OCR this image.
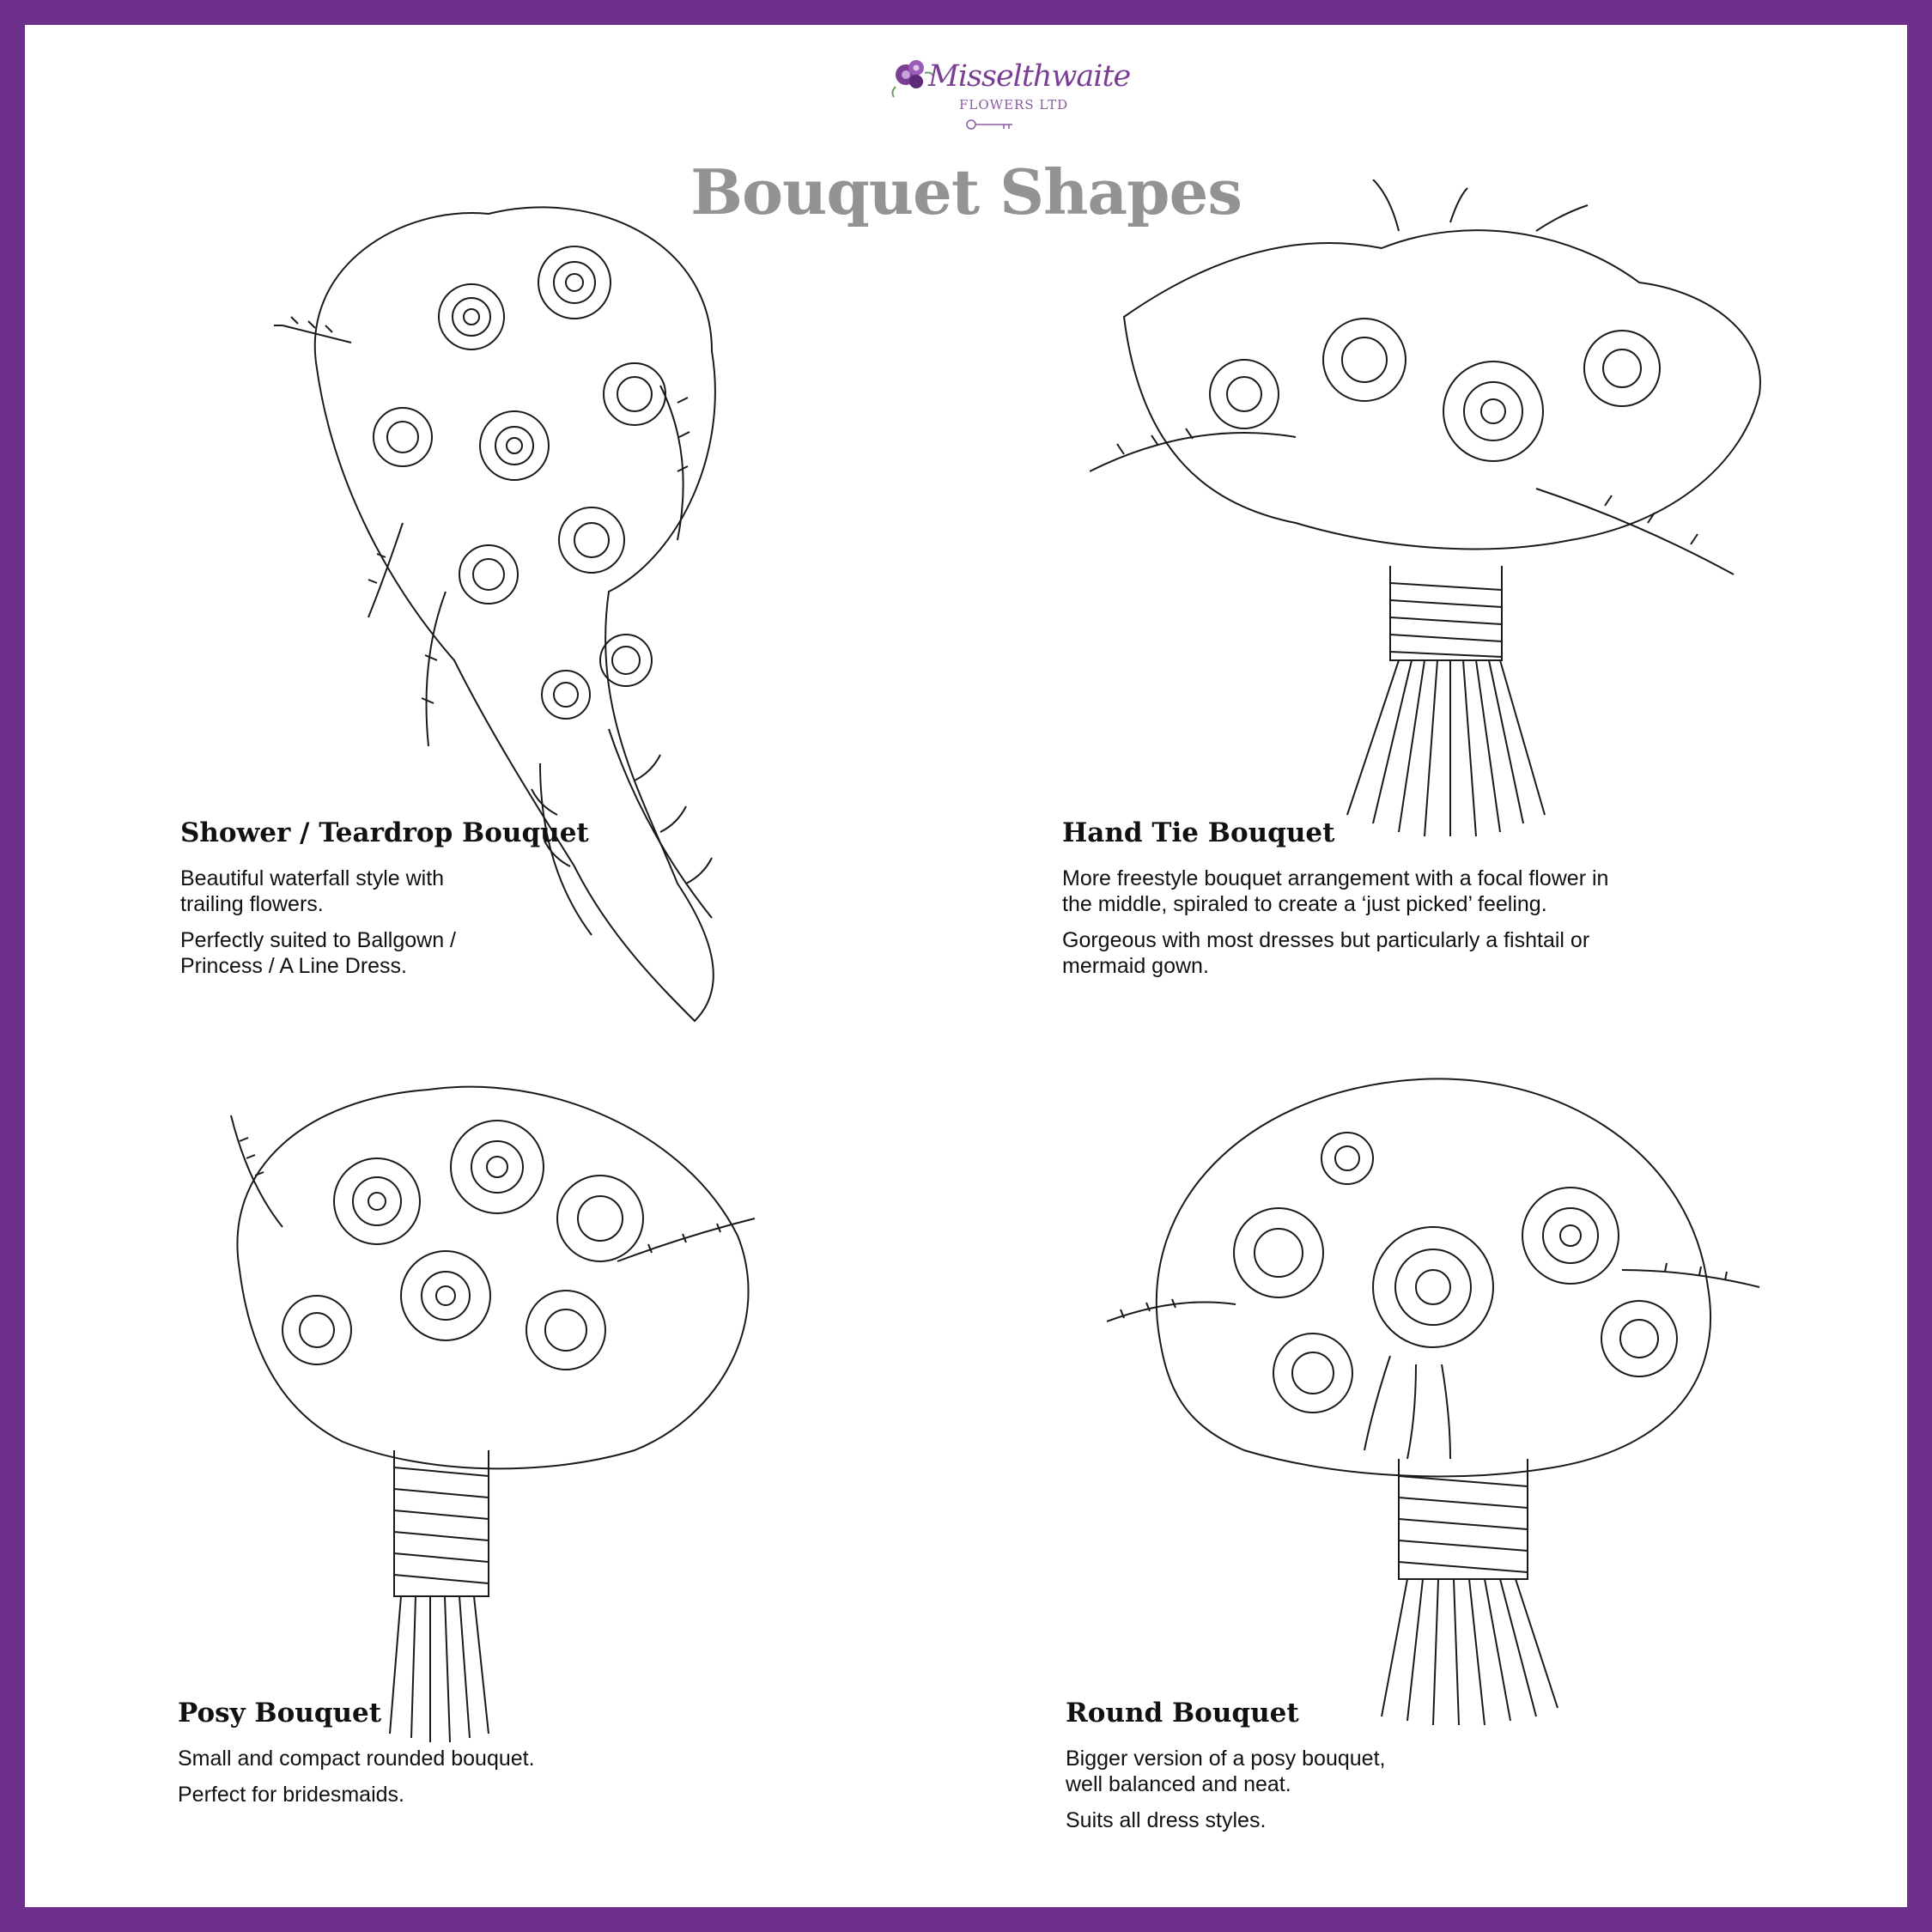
Misselthwaite
FLOWERS LTD
Bouquet Shapes
Shower / Teardrop Bouquet

Beautiful waterfall style with trailing flowers.

Perfectly suited to Ballgown / Princess / A Line Dress.

Hand Tie Bouquet

More freestyle bouquet arrangement with a focal flower in the middle, spiraled to create a ‘just picked’ feeling.

Gorgeous with most dresses but particularly a fishtail or mermaid gown.

Posy Bouquet

Small and compact rounded bouquet.

Perfect for bridesmaids.

Round Bouquet

Bigger version of a posy bouquet, well balanced and neat.

Suits all dress styles.
